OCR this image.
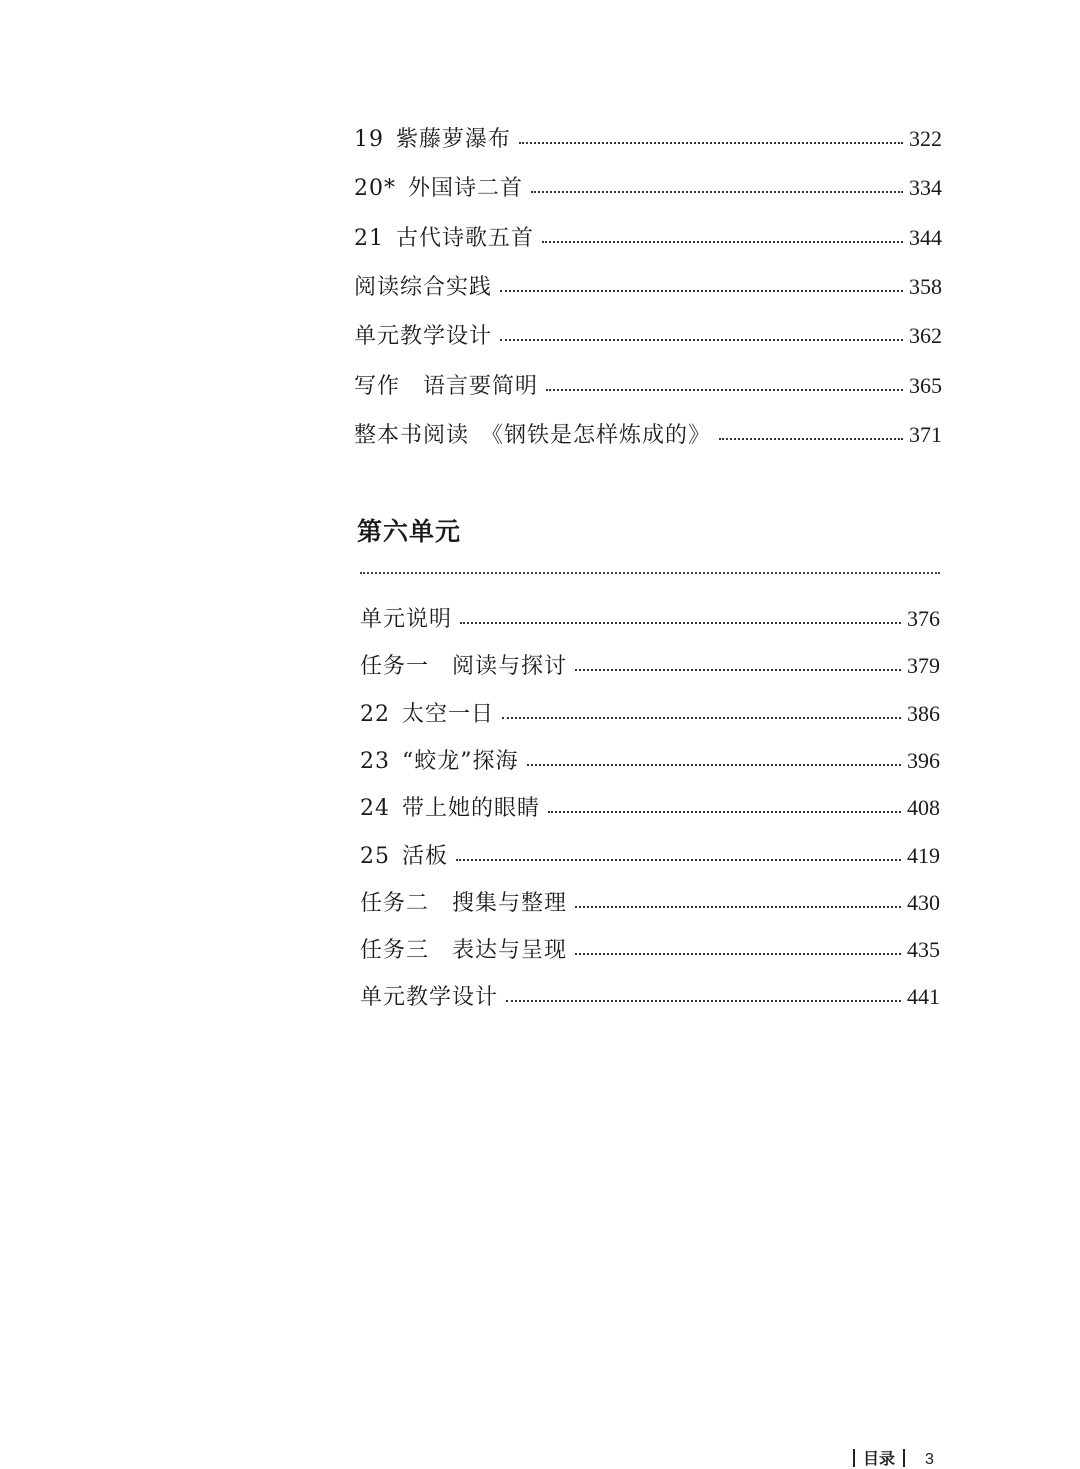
19 紫藤萝瀑布	322
20* 外国诗二首	334
21 古代诗歌五首	344
阅读综合实践	358
单元教学设计	362
写作　语言要简明	365
整本书阅读　《钢铁是怎样炼成的》	371
第六单元
单元说明	376
任务一　阅读与探讨	379
22 太空一日	386
23 “蛟龙”探海	396
24 带上她的眼睛	408
25 活板	419
任务二　搜集与整理	430
任务三　表达与呈现	435
单元教学设计	441
目录 3
